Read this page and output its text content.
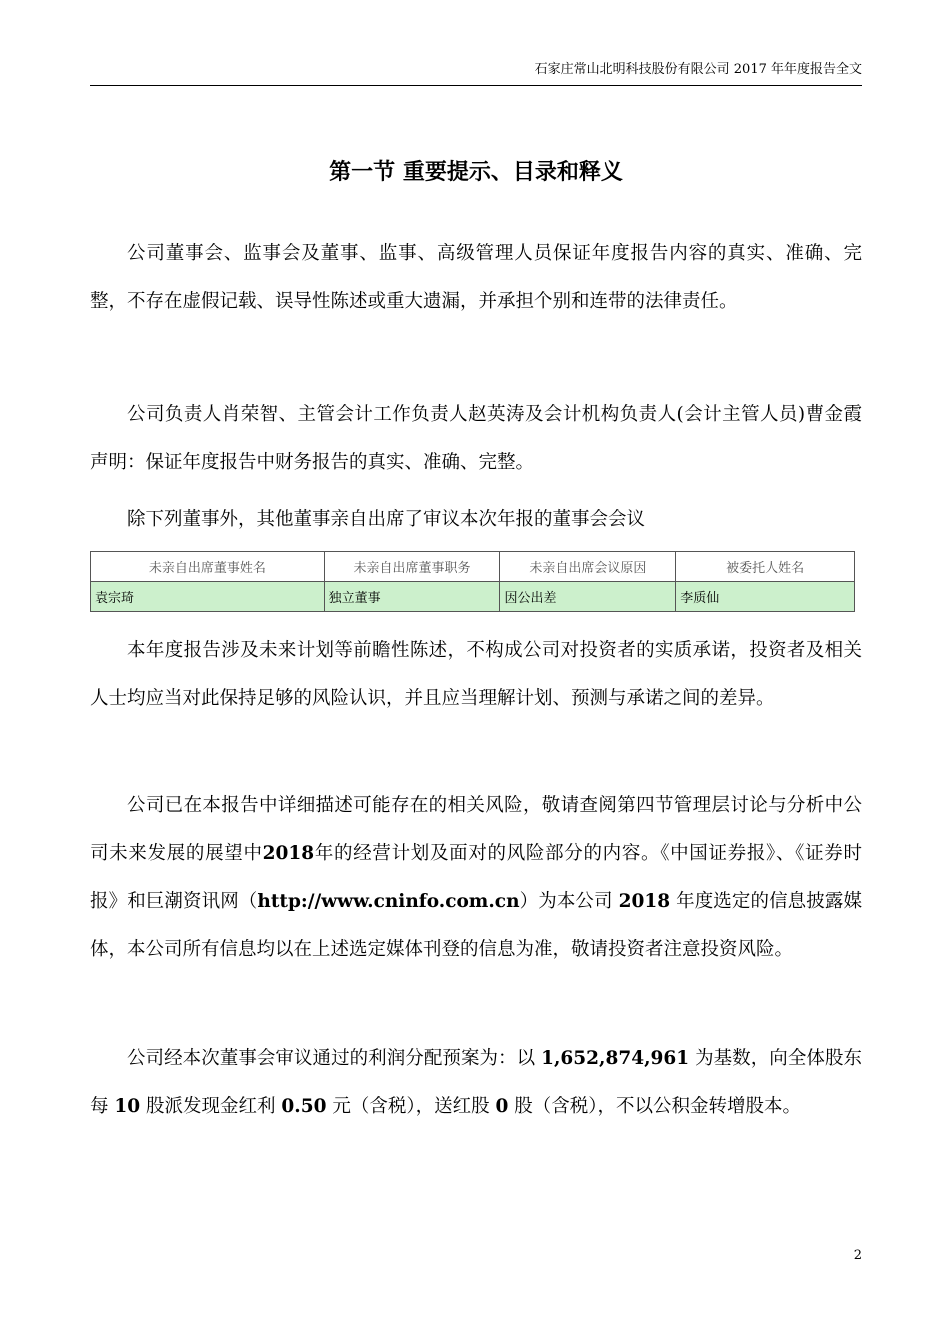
石家庄常山北明科技股份有限公司 2017 年年度报告全文
第一节 重要提示、目录和释义

公司董事会、监事会及董事、监事、高级管理人员保证年度报告内容的真实、准确、完整，不存在虚假记载、误导性陈述或重大遗漏，并承担个别和连带的法律责任。

公司负责人肖荣智、主管会计工作负责人赵英涛及会计机构负责人(会计主管人员)曹金霞声明：保证年度报告中财务报告的真实、准确、完整。

除下列董事外，其他董事亲自出席了审议本次年报的董事会会议

未亲自出席董事姓名	未亲自出席董事职务	未亲自出席会议原因	被委托人姓名
袁宗琦	独立董事	因公出差	李质仙

本年度报告涉及未来计划等前瞻性陈述，不构成公司对投资者的实质承诺，投资者及相关人士均应当对此保持足够的风险认识，并且应当理解计划、预测与承诺之间的差异。

公司已在本报告中详细描述可能存在的相关风险，敬请查阅第四节管理层讨论与分析中公司未来发展的展望中2018年的经营计划及面对的风险部分的内容。《中国证券报》、《证券时报》和巨潮资讯网（http://www.cninfo.com.cn）为本公司 2018 年度选定的信息披露媒体，本公司所有信息均以在上述选定媒体刊登的信息为准，敬请投资者注意投资风险。

公司经本次董事会审议通过的利润分配预案为：以 1,652,874,961 为基数，向全体股东每 10 股派发现金红利 0.50 元（含税），送红股 0 股（含税），不以公积金转增股本。

2
